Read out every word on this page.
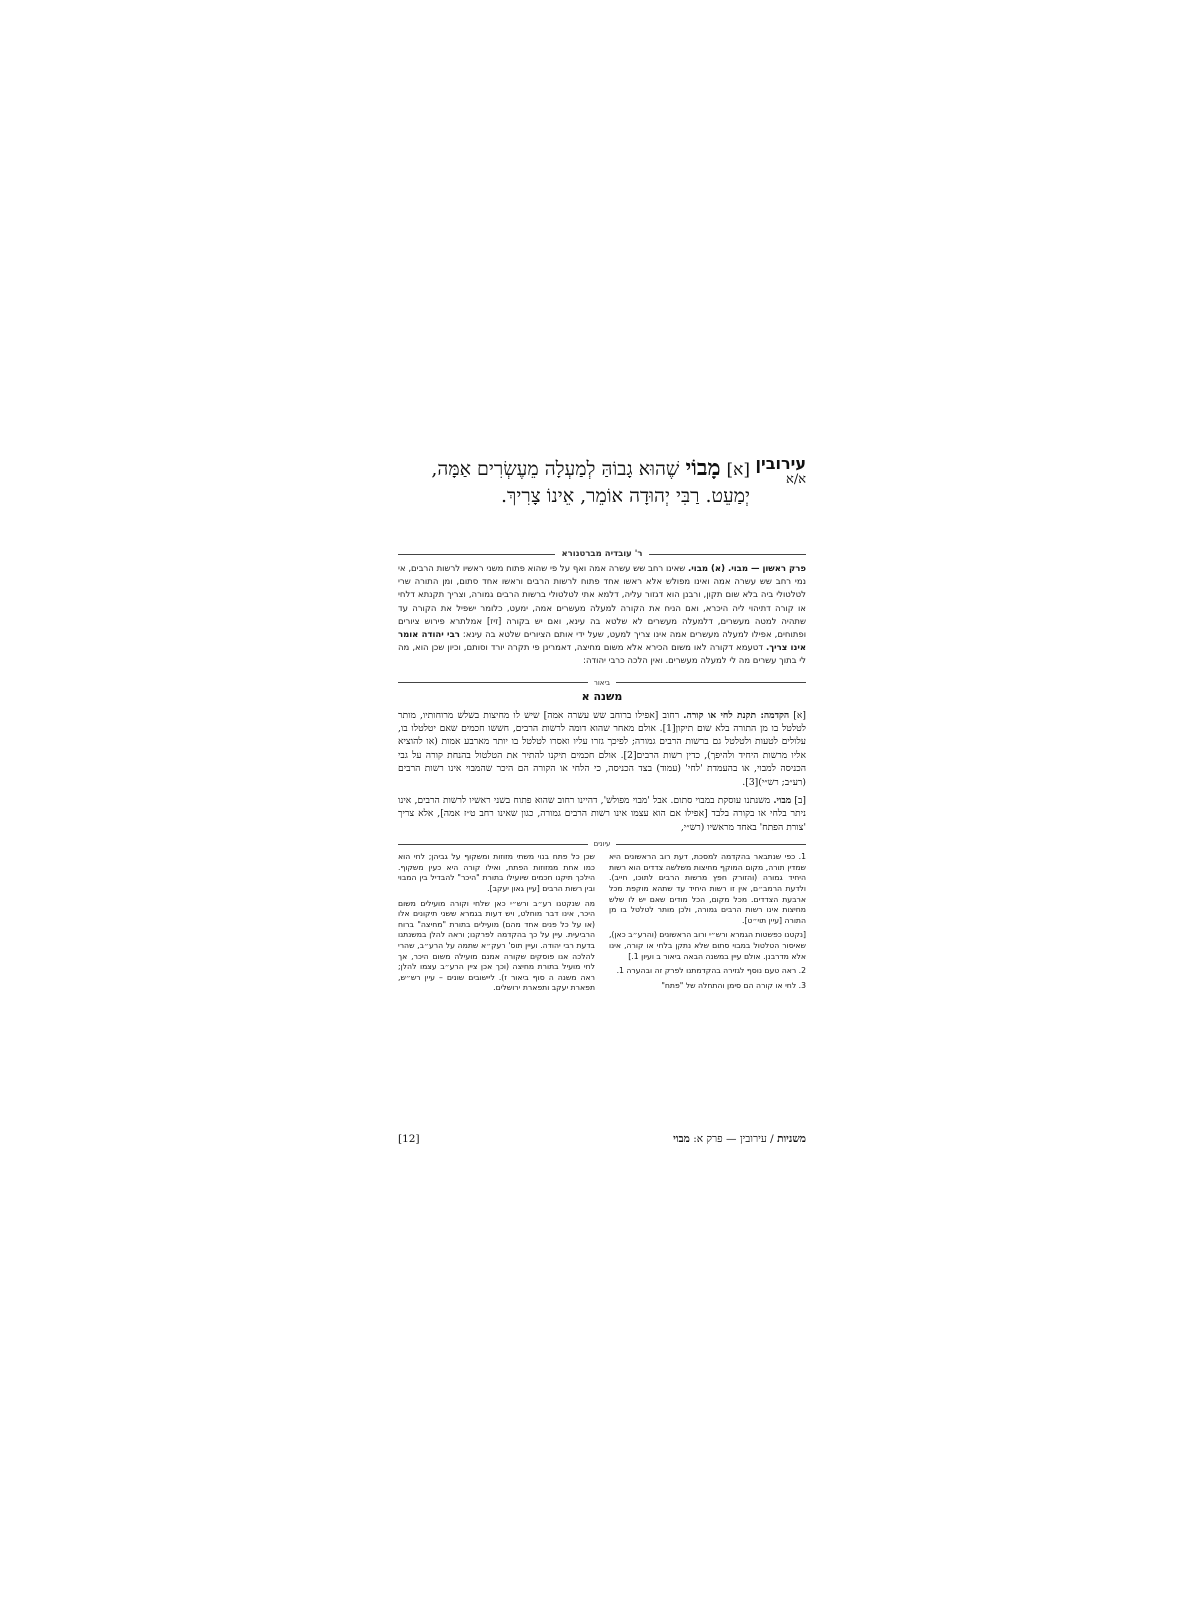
עירובין
א/א
[א] מָבוֹי שֶׁהוּא גָבוֹהַּ לְמַעְלָה מֵעֶשְׂרִים אַמָּה, יְמַעֵט. רַבִּי יְהוּדָה אוֹמֵר, אֵינוֹ צָרִיךְ.
ר' עובדיה מברטנורא
פרק ראשון — מבוי. (א) מבוי. שאינו רחב שש עשרה אמה ואף על פי שהוא פתוח משני ראשיו לרשות הרבים, אי נמי רחב שש עשרה אמה ואינו מפולש אלא ראשו אחד פתוח לרשות הרבים וראשו אחד סתום, ומן התורה שרי לטלטולי ביה בלא שום תקון, ורבנן הוא דגזור עליה, דלמא אתי לטלטולי ברשות הרבים גמורה, וצריך תקנתא דלחי או קורה דתיהוי ליה היכרא, ואם הניח את הקורה למעלה מעשרים אמה, ימעט, כלומר ישפיל את הקורה עד שתהיה למטה מעשרים, דלמעלה מעשרים לא שלטא בה עינא, ואם יש בקורה [זיז] אמלתרא פירוש ציורים ופתוחים, אפילו למעלה מעשרים אמה אינו צריך למעט, שעל ידי אותם הציורים שלטא בה עינא: רבי יהודה אומר אינו צריך. דטעמא דקורה לאו משום הכירא אלא משום מחיצה, דאמרינן פי תקרה יורד וסותם, וכיון שכן הוא, מה לי בתוך עשרים מה לי למעלה מעשרים. ואין הלכה כרבי יהודה:
ביאור
משנה א
[א] הקדמה: תקנת לחי או קורה. רחוב [אפילו ברוחב שש עשרה אמה] שיש לו מחיצות בשלש מרוחותיו, מותר לטלטל בו מן התורה בלא שום תיקון[1]. אולם מאחר שהוא דומה לרשות הרבים, חששו חכמים שאם יטלטלו בו, עלולים לטעות ולטלטל גם ברשות הרבים גמורה; לפיכך גזרו עליו ואסרו לטלטל בו יותר מארבע אמות (או להוציא אליו מרשות היחיד ולהיפך), כדין רשות הרבים[2]. אולם חכמים תיקנו להתיר את הטלטול בהנחת קורה על גבי הכניסה למבוי, או בהעמדת 'לחי' (עמוד) בצד הכניסה, כי הלחי או הקורה הם היכר שהמבוי אינו רשות הרבים (רע״ב; רש״י)[3].
[ב] מבוי. משנתנו עוסקת במבוי סתום. אבל 'מבוי מפולש', דהיינו רחוב שהוא פתוח בשני ראשיו לרשות הרבים, אינו ניתר בלחי או בקורה בלבד [אפילו אם הוא עצמו אינו רשות הרבים גמורה, כגון שאינו רחב ט״ז אמה], אלא צריך 'צורת הפתח' באחד מראשיו (רש״י,
עיונים

1. כפי שנתבאר בהקדמה למסכת, דעת רוב הראשונים היא שמדין תורה, מקום המוקף מחיצות משלשה צדדים הוא רשות היחיד גמורה (והזורק חפץ מרשות הרבים לתוכו, חייב). ולדעת הרמב״ם, אין זו רשות היחיד עד שתהא מוקפת מכל ארבעת הצדדים. מכל מקום, הכל מודים שאם יש לו שלש מחיצות אינו רשות הרבים גמורה, ולכן מותר לטלטל בו מן התורה [עיין תוי״ט].

[נקטנו כפשטות הגמרא ורש״י ורוב הראשונים (והרע״ב כאן), שאיסור הטלטול במבוי סתום שלא נתקן בלחי או קורה, אינו אלא מדרבנן. אולם עיין במשנה הבאה ביאור ב ועיון 1.]

2. ראה טעם נוסף לגזירה בהקדמתנו לפרק זה ובהערה 1.

3. לחי או קורה הם סימן והתחלה של "פתח"

שכן כל פתח בנוי משתי מזוזות ומשקוף על גביהן; לחי הוא כמו אחת ממזוזות הפתח, ואילו קורה היא כעין משקוף. הילכך תיקנו חכמים שיועילו בתורת "היכר" להבדיל בין המבוי ובין רשות הרבים [עיין גאון יעקב].

מה שנקטנו רע״ב ורש״י כאן שלחי וקורה מועילים משום היכר, אינו דבר מוחלט, ויש דעות בגמרא ששני תיקונים אלו (או על כל פנים אחד מהם) מועילים בתורת "מחיצה" ברוח הרביעית. עיין על כך בהקדמה לפרקנו; וראה להלן במשנתנו בדעת רבי יהודה. ועיין תוס' רעק״א שתמה על הרע״ב, שהרי להלכה אנו פוסקים שקורה אמנם מועילה משום היכר, אך לחי מועיל בתורת מחיצה (וכך אכן ציין הרע״ב עצמו להלן; ראה משנה ה סוף ביאור ז). ליישובים שונים – עיין רש״ש, תפארת יעקב ותפארת ירושלים.

[12]	משניות / עירובין — פרק א: מבוי
